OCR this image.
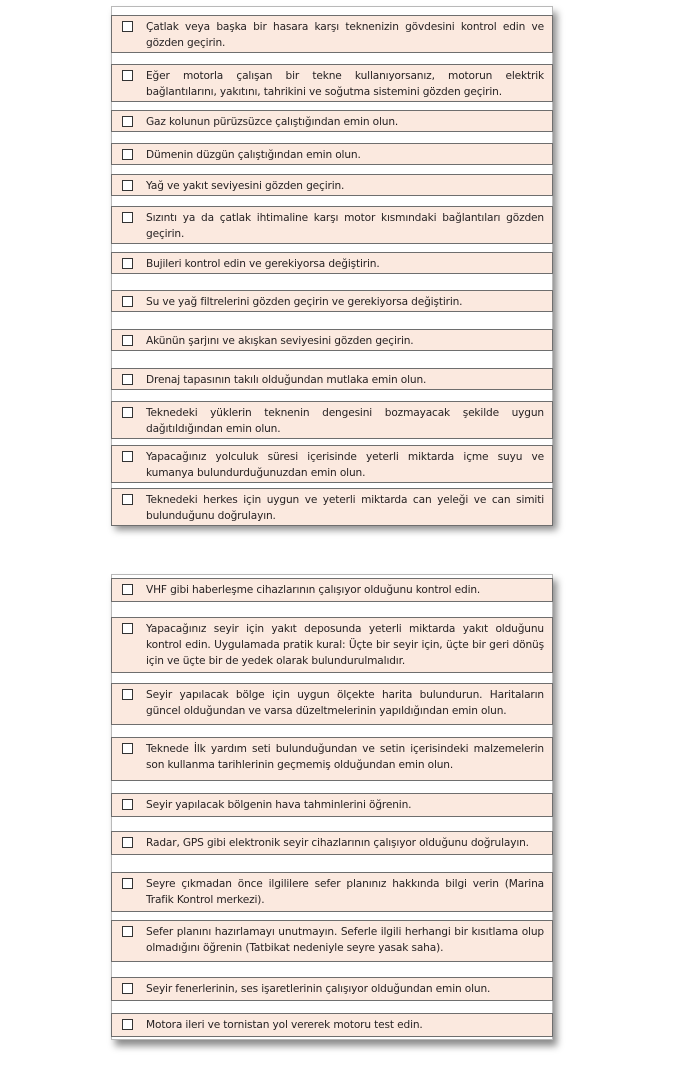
Çatlak veya başka bir hasara karşı teknenizin gövdesini kontrol edin ve gözden geçirin.
Eğer motorla çalışan bir tekne kullanıyorsanız, motorun elektrik bağlantılarını, yakıtını, tahrikini ve soğutma sistemini gözden geçirin.
Gaz kolunun pürüzsüzce çalıştığından emin olun.
Dümenin düzgün çalıştığından emin olun.
Yağ ve yakıt seviyesini gözden geçirin.
Sızıntı ya da çatlak ihtimaline karşı motor kısmındaki bağlantıları gözden geçirin.
Bujileri kontrol edin ve gerekiyorsa değiştirin.
Su ve yağ filtrelerini gözden geçirin ve gerekiyorsa değiştirin.
Akünün şarjını ve akışkan seviyesini gözden geçirin.
Drenaj tapasının takılı olduğundan mutlaka emin olun.
Teknedeki yüklerin teknenin dengesini bozmayacak şekilde uygun dağıtıldığından emin olun.
Yapacağınız yolculuk süresi içerisinde yeterli miktarda içme suyu ve kumanya bulundurduğunuzdan emin olun.
Teknedeki herkes için uygun ve yeterli miktarda can yeleği ve can simiti bulunduğunu doğrulayın.
VHF gibi haberleşme cihazlarının çalışıyor olduğunu kontrol edin.
Yapacağınız seyir için yakıt deposunda yeterli miktarda yakıt olduğunu kontrol edin. Uygulamada pratik kural: Üçte bir seyir için, üçte bir geri dönüş için ve üçte bir de yedek olarak bulundurulmalıdır.
Seyir yapılacak bölge için uygun ölçekte harita bulundurun. Haritaların güncel olduğundan ve varsa düzeltmelerinin yapıldığından emin olun.
Teknede İlk yardım seti bulunduğundan ve setin içerisindeki malzemelerin son kullanma tarihlerinin geçmemiş olduğundan emin olun.
Seyir yapılacak bölgenin hava tahminlerini öğrenin.
Radar, GPS gibi elektronik seyir cihazlarının çalışıyor olduğunu doğrulayın.
Seyre çıkmadan önce ilgililere sefer planınız hakkında bilgi verin (Marina Trafik Kontrol merkezi).
Sefer planını hazırlamayı unutmayın. Seferle ilgili herhangi bir kısıtlama olup olmadığını öğrenin (Tatbikat nedeniyle seyre yasak saha).
Seyir fenerlerinin, ses işaretlerinin çalışıyor olduğundan emin olun.
Motora ileri ve tornistan yol vererek motoru test edin.
